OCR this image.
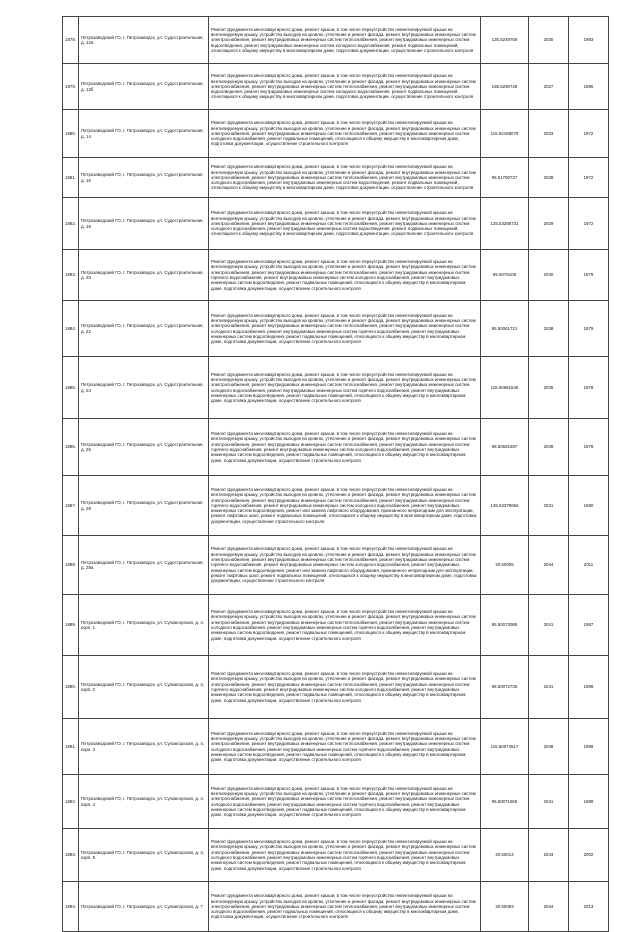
1878.	Петрозаводский ГО, г. Петрозаводск, ул. Судостроительная, д. 12а	Ремонт фундамента многоквартирного дома, ремонт крыши, в том числе переустройство невентилируемой крыши на вентилируемую крышу, устройство выходов на кровлю, утепление и ремонт фасада, ремонт внутридомовых инженерных систем электроснабжения, ремонт внутридомовых инженерных систем теплоснабжения, ремонт внутридомовых инженерных систем водоотведения, ремонт внутридомовых инженерных систем холодного водоснабжения, ремонт подвальных помещений, относящихся к общему имуществу в многоквартирном доме, подготовка документации, осуществление строительного контроля	135.5249759	2030	1983
1879.	Петрозаводский ГО, г. Петрозаводск, ул. Судостроительная, д. 12б	Ремонт фундамента многоквартирного дома, ремонт крыши, в том числе переустройство невентилируемой крыши на вентилируемую крышу, устройство выходов на кровлю, утепление и ремонт фасада, ремонт внутридомовых инженерных систем электроснабжения, ремонт внутридомовых инженерных систем теплоснабжения, ремонт внутридомовых инженерных систем водоотведения, ремонт внутридомовых инженерных систем холодного водоснабжения, ремонт подвальных помещений, относящихся к общему имуществу в многоквартирном доме, подготовка документации, осуществление строительного контроля	155.5290748	2027	1986
1880.	Петрозаводский ГО, г. Петрозаводск, ул. Судостроительная, д. 14	Ремонт фундамента многоквартирного дома, ремонт крыши, в том числе переустройство невентилируемой крыши на вентилируемую крышу, устройство выходов на кровлю, утепление и ремонт фасада, ремонт внутридомовых инженерных систем электроснабжения, ремонт внутридомовых инженерных систем теплоснабжения, ремонт внутридомовых инженерных систем холодного водоснабжения, ремонт подвальных помещений, относящихся к общему имуществу в многоквартирном доме, подготовка документации, осуществление строительного контроля	115.52168079	2033	1972
1881.	Петрозаводский ГО, г. Петрозаводск, ул. Судостроительная, д. 16	Ремонт фундамента многоквартирного дома, ремонт крыши, в том числе переустройство невентилируемой крыши на вентилируемую крышу, устройство выходов на кровлю, утепление и ремонт фасада, ремонт внутридомовых инженерных систем электроснабжения, ремонт внутридомовых инженерных систем теплоснабжения, ремонт внутридомовых инженерных систем холодного водоснабжения, ремонт внутридомовых инженерных систем водоотведения, ремонт подвальных помещений, относящихся к общему имуществу в многоквартирном доме, подготовка документации, осуществление строительного контроля	95.51790737	2038	1972
1882.	Петрозаводский ГО, г. Петрозаводск, ул. Судостроительная, д. 18	Ремонт фундамента многоквартирного дома, ремонт крыши, в том числе переустройство невентилируемой крыши на вентилируемую крышу, устройство выходов на кровлю, утепление и ремонт фасада, ремонт внутридомовых инженерных систем электроснабжения, ремонт внутридомовых инженерных систем теплоснабжения, ремонт внутридомовых инженерных систем холодного водоснабжения, ремонт внутридомовых инженерных систем водоотведения, ремонт подвальных помещений, относящихся к общему имуществу в многоквартирном доме, подготовка документации, осуществление строительного контроля	135.53288731	2029	1972
1883.	Петрозаводский ГО, г. Петрозаводск, ул. Судостроительная, д. 20	Ремонт фундамента многоквартирного дома, ремонт крыши, в том числе переустройство невентилируемой крыши на вентилируемую крышу, устройство выходов на кровлю, утепление и ремонт фасада, ремонт внутридомовых инженерных систем электроснабжения, ремонт внутридомовых инженерных систем теплоснабжения, ремонт внутридомовых инженерных систем горячего водоснабжения, ремонт внутридомовых инженерных систем холодного водоснабжения, ремонт внутридомовых инженерных систем водоотведения, ремонт подвальных помещений, относящихся к общему имуществу в многоквартирном доме, подготовка документации, осуществление строительного контроля	95.5075109	2040	1979
1884.	Петрозаводский ГО, г. Петрозаводск, ул. Судостроительная, д. 22	Ремонт фундамента многоквартирного дома, ремонт крыши, в том числе переустройство невентилируемой крыши на вентилируемую крышу, устройство выходов на кровлю, утепление и ремонт фасада, ремонт внутридомовых инженерных систем электроснабжения, ремонт внутридомовых инженерных систем теплоснабжения, ремонт внутридомовых инженерных систем холодного водоснабжения, ремонт внутридомовых инженерных систем горячего водоснабжения, ремонт внутридомовых инженерных систем водоотведения, ремонт подвальных помещений, относящихся к общему имуществу в многоквартирном доме, подготовка документации, осуществление строительного контроля	95.50061721	2038	1979
1885.	Петрозаводский ГО, г. Петрозаводск, ул. Судостроительная, д. 24	Ремонт фундамента многоквартирного дома, ремонт крыши, в том числе переустройство невентилируемой крыши на вентилируемую крышу, устройство выходов на кровлю, утепление и ремонт фасада, ремонт внутридомовых инженерных систем электроснабжения, ремонт внутридомовых инженерных систем теплоснабжения, ремонт внутридомовых инженерных систем холодного водоснабжения, ремонт внутридомовых инженерных систем горячего водоснабжения, ремонт внутридомовых инженерных систем водоотведения, ремонт подвальных помещений, относящихся к общему имуществу в многоквартирном доме, подготовка документации, осуществление строительного контроля	115.50681546	2036	1978
1886.	Петрозаводский ГО, г. Петрозаводск, ул. Судостроительная, д. 26	Ремонт фундамента многоквартирного дома, ремонт крыши, в том числе переустройство невентилируемой крыши на вентилируемую крышу, устройство выходов на кровлю, утепление и ремонт фасада, ремонт внутридомовых инженерных систем электроснабжения, ремонт внутридомовых инженерных систем теплоснабжения, ремонт внутридомовых инженерных систем горячего водоснабжения, ремонт внутридомовых инженерных систем холодного водоснабжения, ремонт внутридомовых инженерных систем водоотведения, ремонт подвальных помещений, относящихся к общему имуществу в многоквартирном доме, подготовка документации, осуществление строительного контроля	95.50681697	2039	1978
1887.	Петрозаводский ГО, г. Петрозаводск, ул. Судостроительная, д. 28	Ремонт фундамента многоквартирного дома, ремонт крыши, в том числе переустройство невентилируемой крыши на вентилируемую крышу, устройство выходов на кровлю, утепление и ремонт фасада, ремонт внутридомовых инженерных систем электроснабжения, ремонт внутридомовых инженерных систем теплоснабжения, ремонт внутридомовых инженерных систем горячего водоснабжения, ремонт внутридомовых инженерных систем холодного водоснабжения, ремонт внутридомовых инженерных систем водоотведения, ремонт или замена лифтового оборудования, признанного непригодным для эксплуатации, ремонт лифтовых шахт, ремонт подвальных помещений, относящихся к общему имуществу в многоквартирном доме, подготовка документации, осуществление строительного контроля	135.52379666	2031	1980
1888.	Петрозаводский ГО, г. Петрозаводск, ул. Судостроительная, д. 28а	Ремонт фундамента многоквартирного дома, ремонт крыши, в том числе переустройство невентилируемой крыши на вентилируемую крышу, устройство выходов на кровлю, утепление и ремонт фасада, ремонт внутридомовых инженерных систем электроснабжения, ремонт внутридомовых инженерных систем теплоснабжения, ремонт внутридомовых инженерных систем горячего водоснабжения, ремонт внутридомовых инженерных систем холодного водоснабжения, ремонт внутридомовых инженерных систем водоотведения, ремонт или замена лифтового оборудования, признанного непригодным для эксплуатации, ремонт лифтовых шахт, ремонт подвальных помещений, относящихся к общему имуществу в многоквартирном доме, подготовка документации, осуществление строительного контроля	20.50005	2044	2011
1889.	Петрозаводский ГО, г. Петрозаводск, ул. Сулажгорская, д. 4, корп. 1	Ремонт фундамента многоквартирного дома, ремонт крыши, в том числе переустройство невентилируемой крыши на вентилируемую крышу, устройство выходов на кровлю, утепление и ремонт фасада, ремонт внутридомовых инженерных систем электроснабжения, ремонт внутридомовых инженерных систем теплоснабжения, ремонт внутридомовых инженерных систем холодного водоснабжения, ремонт внутридомовых инженерных систем горячего водоснабжения, ремонт внутридомовых инженерных систем водоотведения, ремонт подвальных помещений, относящихся к общему имуществу в многоквартирном доме, подготовка документации, осуществление строительного контроля	95.50073085	2041	1987
1890.	Петрозаводский ГО, г. Петрозаводск, ул. Сулажгорская, д. 4, корп. 2	Ремонт фундамента многоквартирного дома, ремонт крыши, в том числе переустройство невентилируемой крыши на вентилируемую крышу, устройство выходов на кровлю, утепление и ремонт фасада, ремонт внутридомовых инженерных систем электроснабжения, ремонт внутридомовых инженерных систем теплоснабжения, ремонт внутридомовых инженерных систем горячего водоснабжения, ремонт внутридомовых инженерных систем холодного водоснабжения, ремонт внутридомовых инженерных систем водоотведения, ремонт подвальных помещений, относящихся к общему имуществу в многоквартирном доме, подготовка документации, осуществление строительного контроля	95.50072736	2041	1988
1891.	Петрозаводский ГО, г. Петрозаводск, ул. Сулажгорская, д. 4, корп. 3	Ремонт фундамента многоквартирного дома, ремонт крыши, в том числе переустройство невентилируемой крыши на вентилируемую крышу, устройство выходов на кровлю, утепление и ремонт фасада, ремонт внутридомовых инженерных систем электроснабжения, ремонт внутридомовых инженерных систем теплоснабжения, ремонт внутридомовых инженерных систем холодного водоснабжения, ремонт внутридомовых инженерных систем горячего водоснабжения, ремонт внутридомовых инженерных систем водоотведения, ремонт подвальных помещений, относящихся к общему имуществу в многоквартирном доме, подготовка документации, осуществление строительного контроля	115.50074517	2038	1988
1892.	Петрозаводский ГО, г. Петрозаводск, ул. Сулажгорская, д. 4, корп. 4	Ремонт фундамента многоквартирного дома, ремонт крыши, в том числе переустройство невентилируемой крыши на вентилируемую крышу, устройство выходов на кровлю, утепление и ремонт фасада, ремонт внутридомовых инженерных систем электроснабжения, ремонт внутридомовых инженерных систем теплоснабжения, ремонт внутридомовых инженерных систем холодного водоснабжения, ремонт внутридомовых инженерных систем горячего водоснабжения, ремонт внутридомовых инженерных систем водоотведения, ремонт подвальных помещений, относящихся к общему имуществу в многоквартирном доме, подготовка документации, осуществление строительного контроля	95.50071665	2041	1989
1893.	Петрозаводский ГО, г. Петрозаводск, ул. Сулажгорская, д. 4, корп. 5	Ремонт фундамента многоквартирного дома, ремонт крыши, в том числе переустройство невентилируемой крыши на вентилируемую крышу, устройство выходов на кровлю, утепление и ремонт фасада, ремонт внутридомовых инженерных систем электроснабжения, ремонт внутридомовых инженерных систем теплоснабжения, ремонт внутридомовых инженерных систем холодного водоснабжения, ремонт внутридомовых инженерных систем горячего водоснабжения, ремонт внутридомовых инженерных систем водоотведения, ремонт подвальных помещений, относящихся к общему имуществу в многоквартирном доме, подготовка документации, осуществление строительного контроля	20.50014	2043	2002
1894.	Петрозаводский ГО, г. Петрозаводск, ул. Сулажгорская, д. 7	Ремонт фундамента многоквартирного дома, ремонт крыши, в том числе переустройство невентилируемой крыши на вентилируемую крышу, устройство выходов на кровлю, утепление и ремонт фасада, ремонт внутридомовых инженерных систем электроснабжения, ремонт внутридомовых инженерных систем теплоснабжения, ремонт внутридомовых инженерных систем холодного водоснабжения, ремонт подвальных помещений, относящихся к общему имуществу в многоквартирном доме, подготовка документации, осуществление строительного контроля	20.50093	2044	2013
